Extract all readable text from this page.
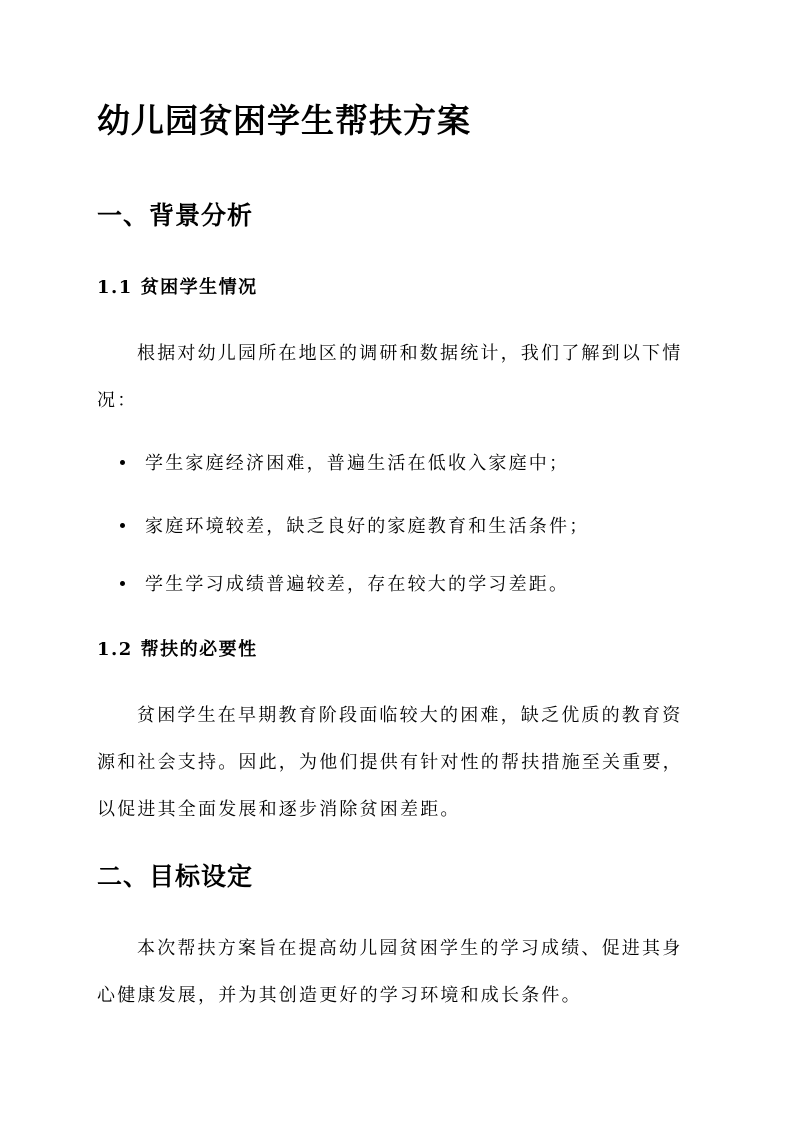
幼儿园贫困学生帮扶方案
一、背景分析
1.1 贫困学生情况

根据对幼儿园所在地区的调研和数据统计，我们了解到以下情

况：

学生家庭经济困难，普遍生活在低收入家庭中；

家庭环境较差，缺乏良好的家庭教育和生活条件；

学生学习成绩普遍较差，存在较大的学习差距。

1.2 帮扶的必要性

贫困学生在早期教育阶段面临较大的困难，缺乏优质的教育资

源和社会支持。因此，为他们提供有针对性的帮扶措施至关重要，

以促进其全面发展和逐步消除贫困差距。

二、目标设定

本次帮扶方案旨在提高幼儿园贫困学生的学习成绩、促进其身

心健康发展，并为其创造更好的学习环境和成长条件。
